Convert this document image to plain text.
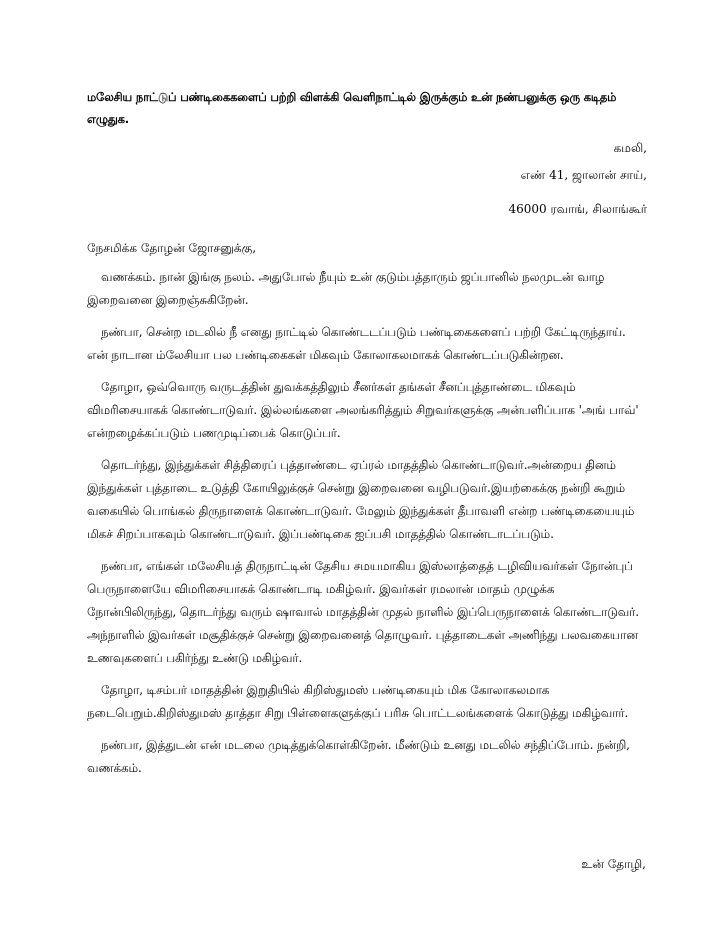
மலேசிய நாட்டுப் பண்டிகைகளைப் பற்றி விளக்கி வெளிநாட்டில் இருக்கும் உன் நண்பனுக்கு ஒரு கடிதம் எழுதுக.
கமலி,
எண் 41, ஜாலான் சாய்,
46000 ரவாங், சிலாங்கூர்
நேசமிக்க தோழன் ஜோசனுக்கு,

வணக்கம். நான் இங்கு நலம். அதுபோல் நீயும் உன் குடும்பத்தாரும் ஜப்பானில் நலமுடன் வாழ இறைவனை இறைஞ்சுகிறேன்.

நண்பா, சென்ற மடலில் நீ எனது நாட்டில் கொண்டடப்படும் பண்டிகைகளைப் பற்றி கேட்டிருந்தாய். என் நாடான ம்லேசியா பல பண்டிகைகள் மிகவும் கோலாகலமாகக் கொண்டப்படுகின்றன.

தோழா, ஒவ்வொரு வருடத்தின் துவக்கத்திலும் சீனர்கள் தங்கள் சீனப்புத்தாண்டை மிகவும் விமரிசையாகக் கொண்டாடுவர். இல்லங்களை அலங்கரித்தும் சிறுவர்களுக்கு அன்பளிப்பாக 'அங் பாவ்' என்றழைக்கப்படும் பணமுடிப்பைக் கொடுப்பர்.

தொடர்ந்து, இந்துக்கள் சித்திரைப் புத்தாண்டை ஏப்ரல் மாதத்தில் கொண்டாடுவர்.அன்றைய தினம் இந்துக்கள் புத்தாடை உடுத்தி கோயிலுக்குச் சென்று இறைவனை வழிபடுவர்.இயற்கைக்கு நன்றி கூறும் வகையில் பொங்கல் திருநாளைக் கொண்டாடுவர். மேலும் இந்துக்கள் தீபாவளி என்ற பண்டிகையையும் மிகச் சிறப்பாகவும் கொண்டாடுவர். இப்பண்டிகை ஐப்பசி மாதத்தில் கொண்டாடப்படும்.

நண்பா, எங்கள் மலேசியத் திருநாட்டின் தேசிய சமயமாகிய இஸ்லாத்தைத் டழிவியவர்கள் நோன்புப் பெருநாளையே விமரிசையாகக் கொண்டாடி மகிழ்வர். இவர்கள் ரமலான் மாதம் முழுக்க நோன்பிலிருந்து, தொடர்ந்து வரும் ஷாவால் மாதத்தின் முதல் நாளில் இப்பெருநாளைக் கொண்டாடுவர். அந்நாளில் இவர்கள் மசூதிக்குச் சென்று இறைவனைத் தொழுவர். புத்தாடைகள் அணிந்து பலவகையான உணவுகளைப் பகிர்ந்து உண்டு மகிழ்வர்.

தோழா, டிசம்பர் மாதத்தின் இறுதியில் கிறிஸ்துமஸ் பண்டிகையும் மிக கோலாகலமாக நடைபெறும்.கிறிஸ்துமஸ் தாத்தா சிறு பிள்ளைகளுக்குப் பரிசு பொட்டலங்களைக் கொடுத்து மகிழ்வார்.

நண்பா, இத்துடன் என் மடலை முடித்துக்கொள்கிறேன். மீண்டும் உனது மடலில் சந்திப்போம். நன்றி, வணக்கம்.

உன் தோழி,
